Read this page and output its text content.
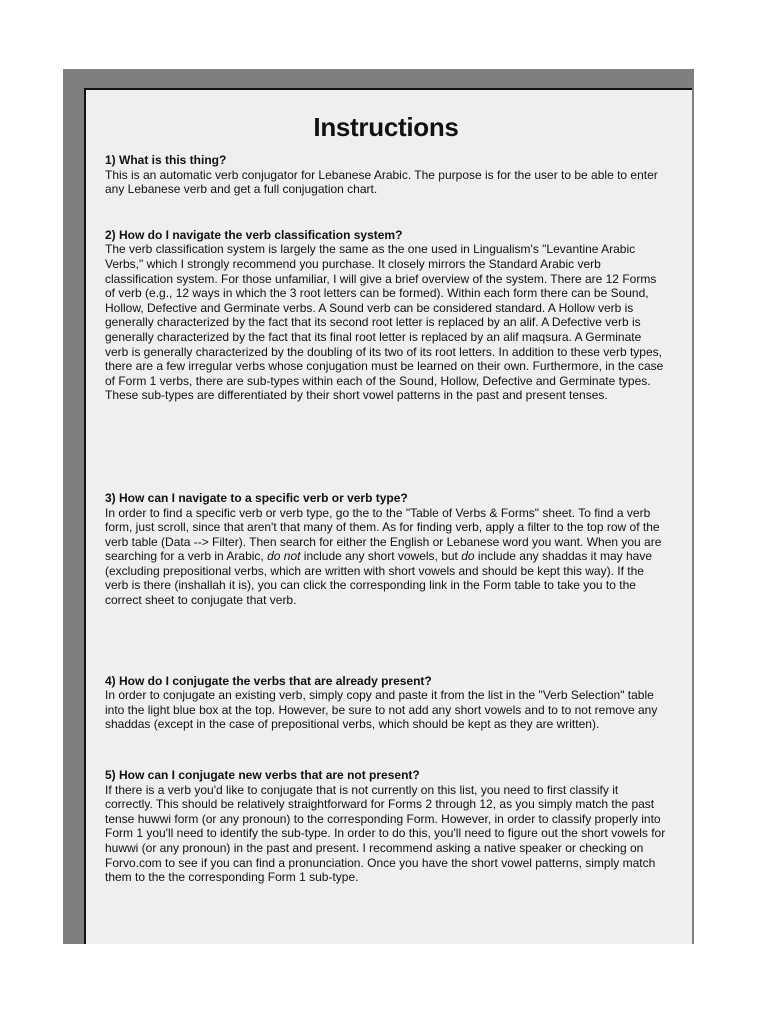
Instructions

1) What is this thing?

This is an automatic verb conjugator for Lebanese Arabic. The purpose is for the user to be able to enter any Lebanese verb and get a full conjugation chart.

2) How do I navigate the verb classification system?

The verb classification system is largely the same as the one used in Lingualism's "Levantine Arabic Verbs," which I strongly recommend you purchase. It closely mirrors the Standard Arabic verb classification system. For those unfamiliar, I will give a brief overview of the system. There are 12 Forms of verb (e.g., 12 ways in which the 3 root letters can be formed). Within each form there can be Sound, Hollow, Defective and Germinate verbs. A Sound verb can be considered standard. A Hollow verb is generally characterized by the fact that its second root letter is replaced by an alif. A Defective verb is generally characterized by the fact that its final root letter is replaced by an alif maqsura. A Germinate verb is generally characterized by the doubling of its two of its root letters. In addition to these verb types, there are a few irregular verbs whose conjugation must be learned on their own. Furthermore, in the case of Form 1 verbs, there are sub-types within each of the Sound, Hollow, Defective and Germinate types. These sub-types are differentiated by their short vowel patterns in the past and present tenses.

3) How can I navigate to a specific verb or verb type?

In order to find a specific verb or verb type, go the to the "Table of Verbs & Forms" sheet. To find a verb form, just scroll, since that aren't that many of them. As for finding verb, apply a filter to the top row of the verb table (Data --> Filter). Then search for either the English or Lebanese word you want. When you are searching for a verb in Arabic, do not include any short vowels, but do include any shaddas it may have (excluding prepositional verbs, which are written with short vowels and should be kept this way). If the verb is there (inshallah it is), you can click the corresponding link in the Form table to take you to the correct sheet to conjugate that verb.

4) How do I conjugate the verbs that are already present?

In order to conjugate an existing verb, simply copy and paste it from the list in the "Verb Selection" table into the light blue box at the top. However, be sure to not add any short vowels and to to not remove any shaddas (except in the case of prepositional verbs, which should be kept as they are written).

5) How can I conjugate new verbs that are not present?

If there is a verb you'd like to conjugate that is not currently on this list, you need to first classify it correctly. This should be relatively straightforward for Forms 2 through 12, as you simply match the past tense huwwi form (or any pronoun) to the corresponding Form. However, in order to classify properly into Form 1 you'll need to identify the sub-type. In order to do this, you'll need to figure out the short vowels for huwwi (or any pronoun) in the past and present. I recommend asking a native speaker or checking on Forvo.com to see if you can find a pronunciation. Once you have the short vowel patterns, simply match them to the the corresponding Form 1 sub-type.
